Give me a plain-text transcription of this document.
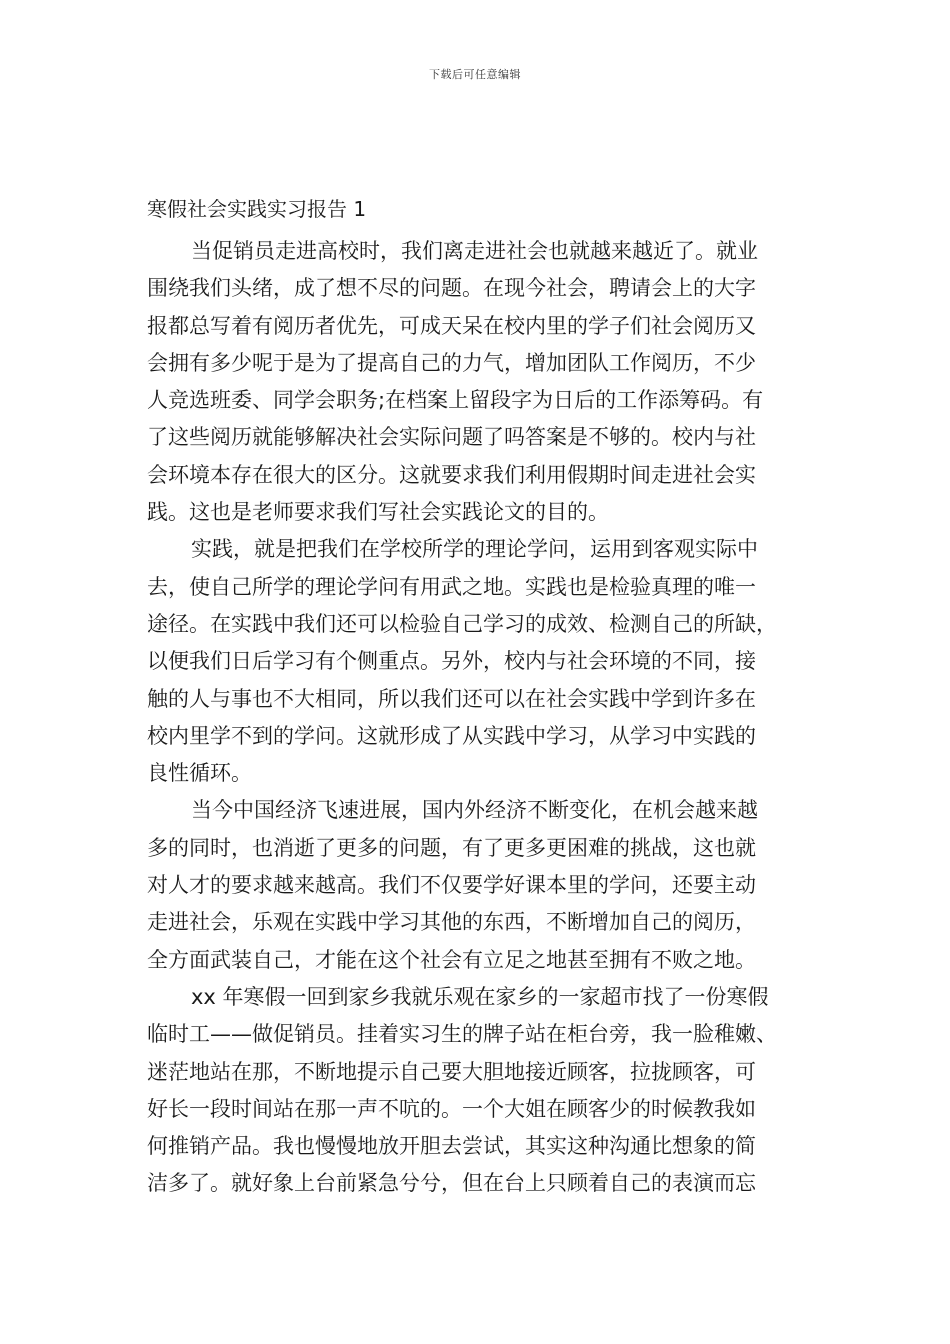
下载后可任意编辑
寒假社会实践实习报告 1
当促销员走进高校时，我们离走进社会也就越来越近了。就业
围绕我们头绪，成了想不尽的问题。在现今社会，聘请会上的大字
报都总写着有阅历者优先，可成天呆在校内里的学子们社会阅历又
会拥有多少呢于是为了提高自己的力气，增加团队工作阅历，不少
人竞选班委、同学会职务;在档案上留段字为日后的工作添筹码。有
了这些阅历就能够解决社会实际问题了吗答案是不够的。校内与社
会环境本存在很大的区分。这就要求我们利用假期时间走进社会实
践。这也是老师要求我们写社会实践论文的目的。
实践，就是把我们在学校所学的理论学问，运用到客观实际中
去，使自己所学的理论学问有用武之地。实践也是检验真理的唯一
途径。在实践中我们还可以检验自己学习的成效、检测自己的所缺，
以便我们日后学习有个侧重点。另外，校内与社会环境的不同，接
触的人与事也不大相同，所以我们还可以在社会实践中学到许多在
校内里学不到的学问。这就形成了从实践中学习，从学习中实践的
良性循环。
当今中国经济飞速进展，国内外经济不断变化，在机会越来越
多的同时，也消逝了更多的问题，有了更多更困难的挑战，这也就
对人才的要求越来越高。我们不仅要学好课本里的学问，还要主动
走进社会，乐观在实践中学习其他的东西，不断增加自己的阅历，
全方面武装自己，才能在这个社会有立足之地甚至拥有不败之地。
xx 年寒假一回到家乡我就乐观在家乡的一家超市找了一份寒假
临时工——做促销员。挂着实习生的牌子站在柜台旁，我一脸稚嫩、
迷茫地站在那，不断地提示自己要大胆地接近顾客，拉拢顾客，可
好长一段时间站在那一声不吭的。一个大姐在顾客少的时候教我如
何推销产品。我也慢慢地放开胆去尝试，其实这种沟通比想象的简
洁多了。就好象上台前紧急兮兮，但在台上只顾着自己的表演而忘
